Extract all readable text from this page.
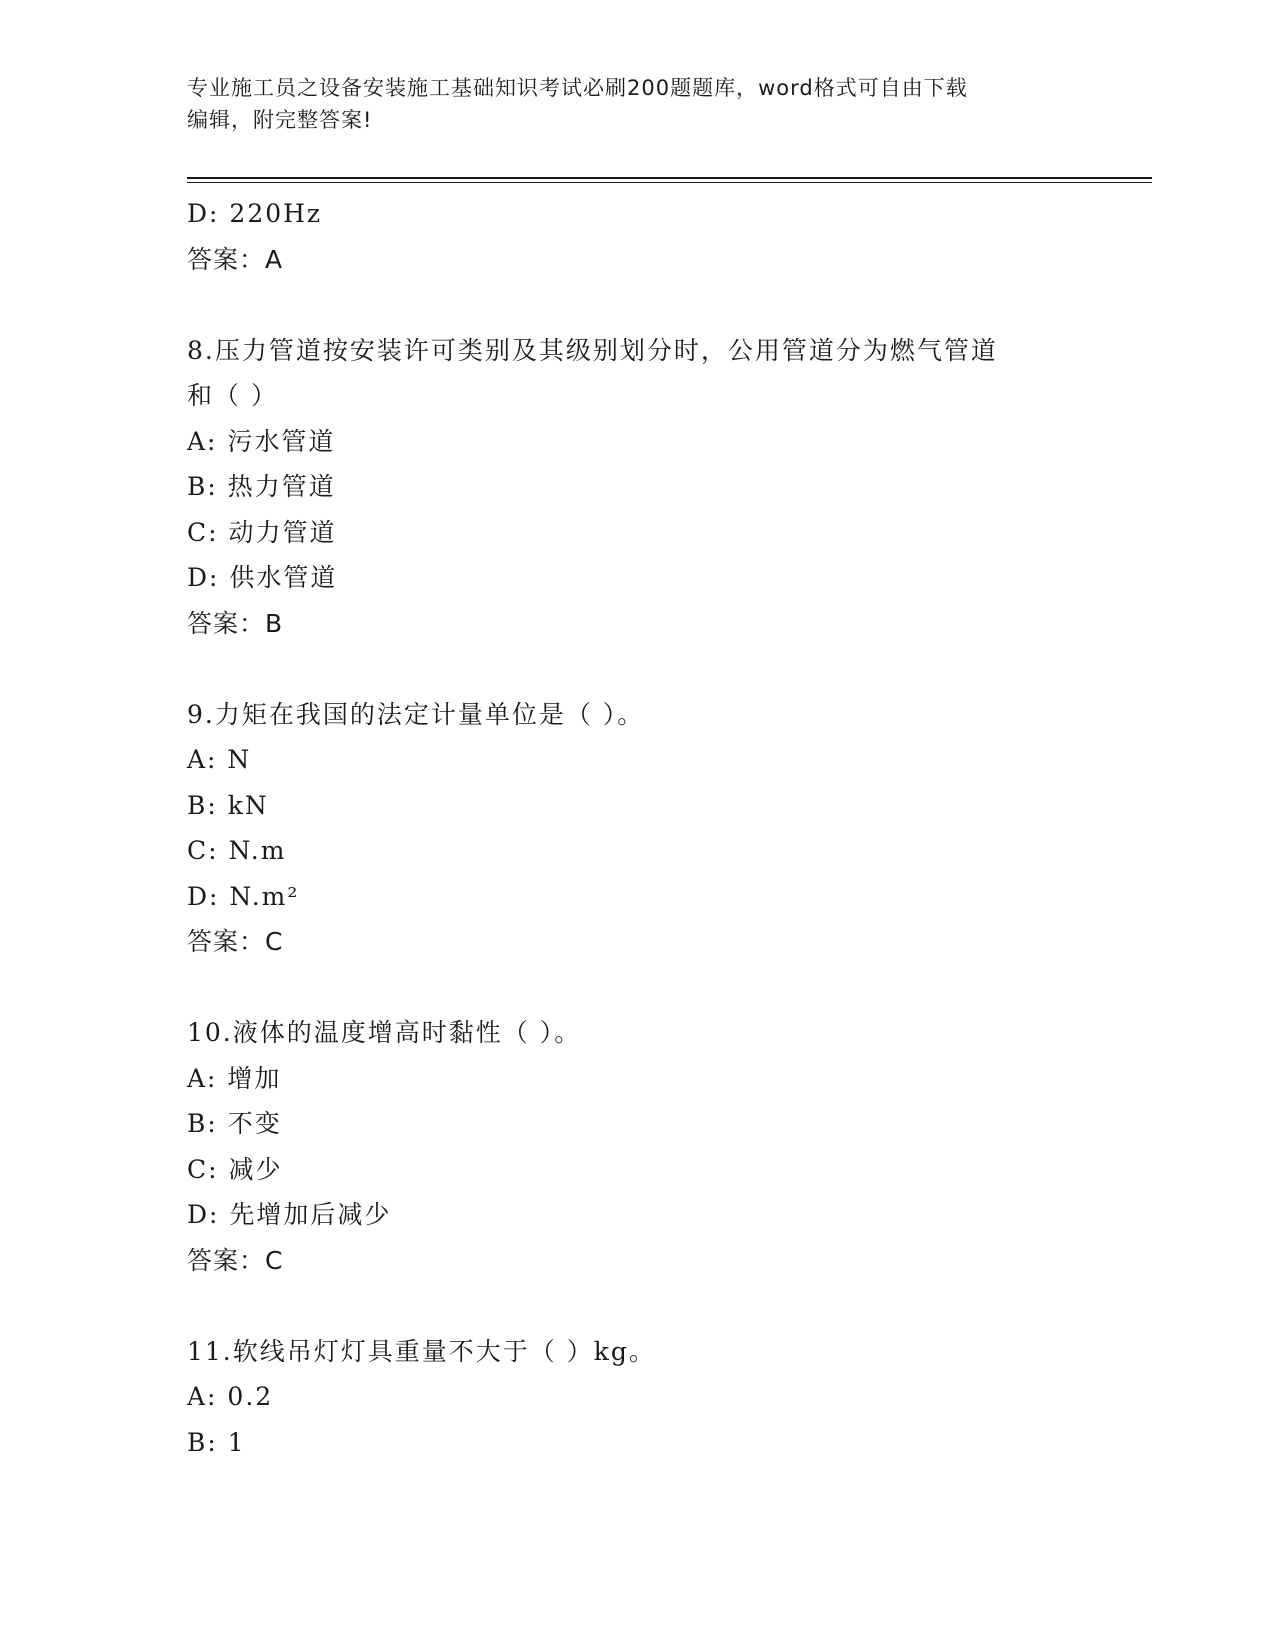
专业施工员之设备安装施工基础知识考试必刷200题题库，word格式可自由下载
编辑，附完整答案!
D: 220Hz
答案：A
8.压力管道按安装许可类别及其级别划分时，公用管道分为燃气管道
和（ ）
A: 污水管道
B: 热力管道
C: 动力管道
D: 供水管道
答案：B
9.力矩在我国的法定计量单位是（ ）。
A: N
B: kN
C: N.m
D: N.m²
答案：C
10.液体的温度增高时黏性（ ）。
A: 增加
B: 不变
C: 减少
D: 先增加后减少
答案：C
11.软线吊灯灯具重量不大于（ ）kg。
A: 0.2
B: 1
